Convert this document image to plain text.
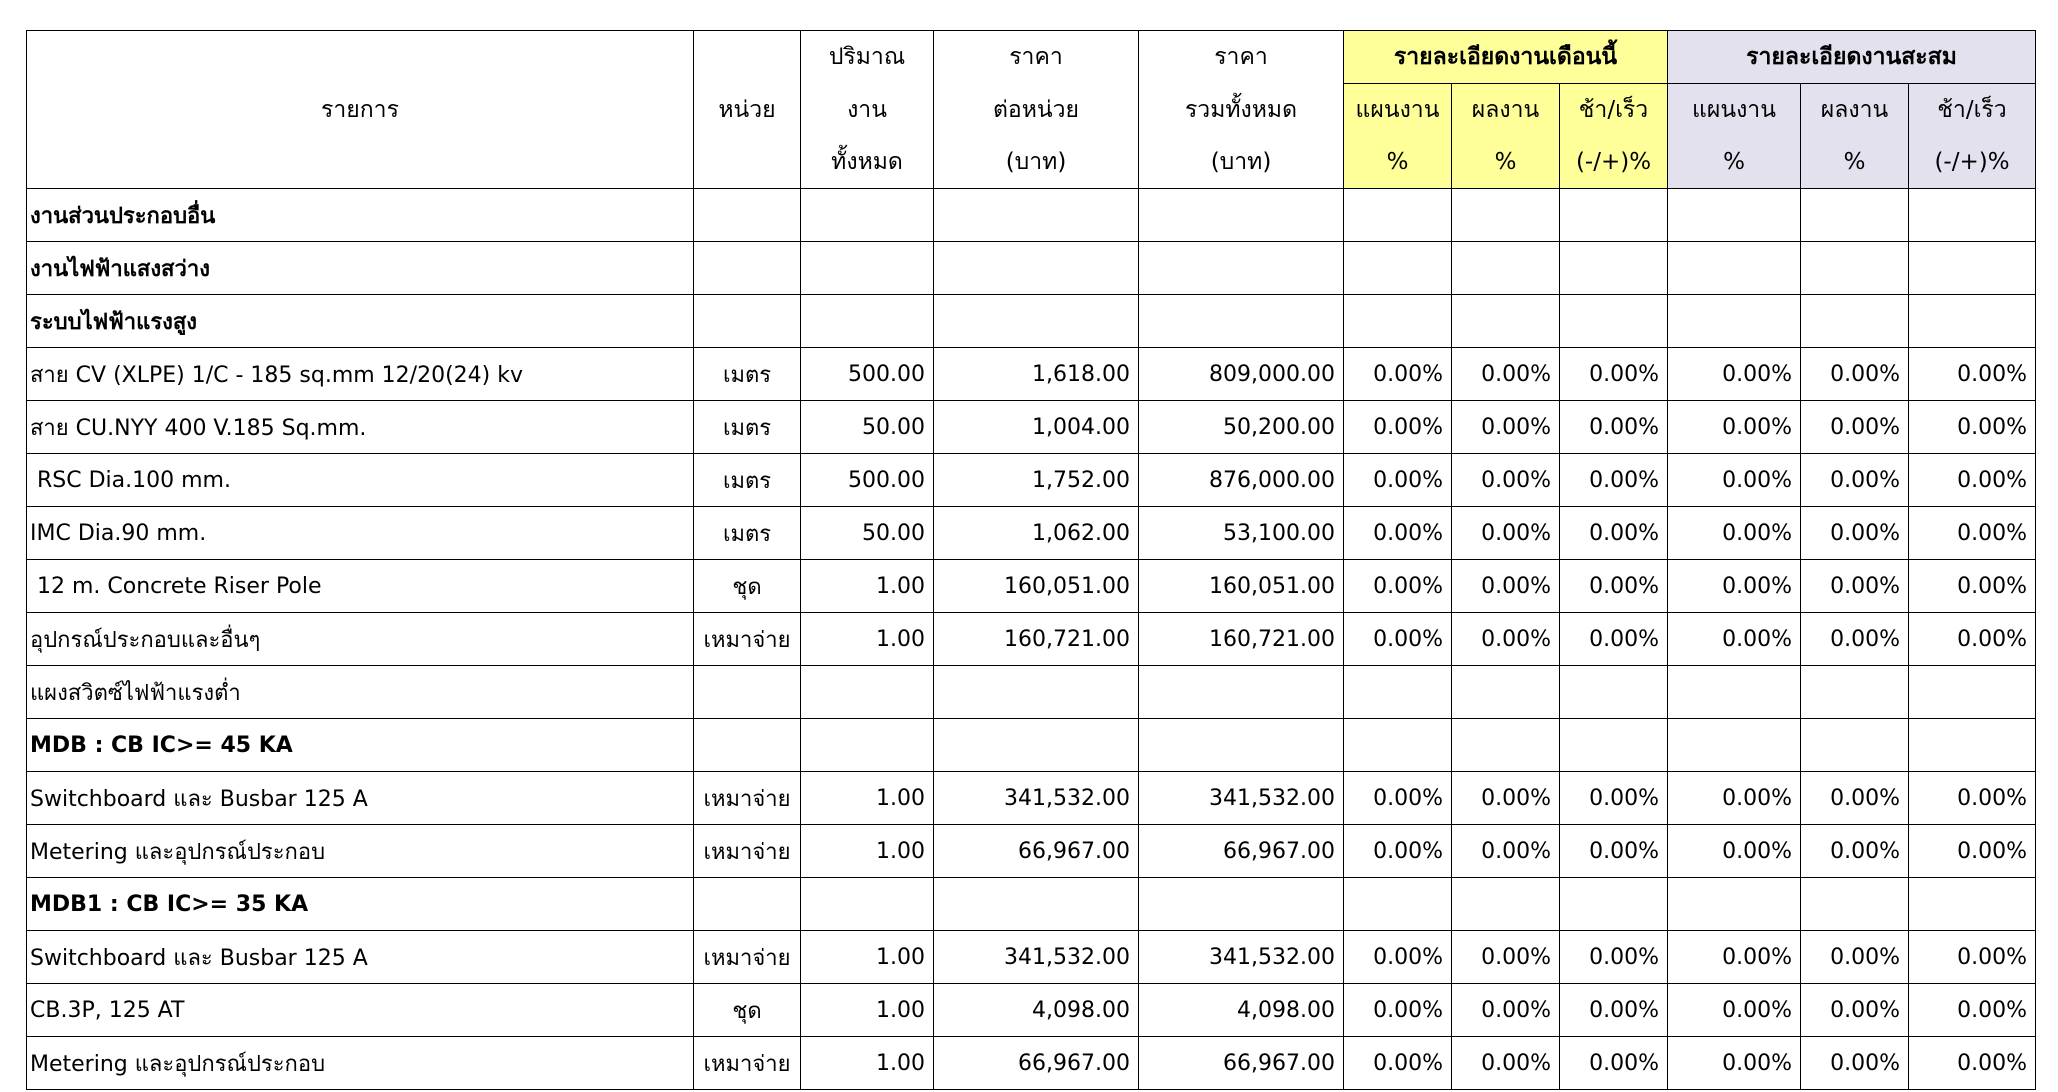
รายการ	หน่วย	ปริมาณ	ราคา	ราคา	รายละเอียดงานเดือนนี้			รายละเอียดงานสะสม		
		งาน	ต่อหน่วย	รวมทั้งหมด	แผนงาน	ผลงาน	ช้า/เร็ว	แผนงาน	ผลงาน	ช้า/เร็ว
		ทั้งหมด	(บาท)	(บาท)	%	%	(-/+)%	%	%	(-/+)%
งานส่วนประกอบอื่น										
งานไฟฟ้าแสงสว่าง										
ระบบไฟฟ้าแรงสูง										
สาย CV (XLPE) 1/C - 185 sq.mm 12/20(24) kv	เมตร	500.00	1,618.00	809,000.00	0.00%	0.00%	0.00%	0.00%	0.00%	0.00%
สาย CU.NYY 400 V.185 Sq.mm.	เมตร	50.00	1,004.00	50,200.00	0.00%	0.00%	0.00%	0.00%	0.00%	0.00%
RSC Dia.100 mm.	เมตร	500.00	1,752.00	876,000.00	0.00%	0.00%	0.00%	0.00%	0.00%	0.00%
IMC Dia.90 mm.	เมตร	50.00	1,062.00	53,100.00	0.00%	0.00%	0.00%	0.00%	0.00%	0.00%
12 m. Concrete Riser Pole	ชุด	1.00	160,051.00	160,051.00	0.00%	0.00%	0.00%	0.00%	0.00%	0.00%
อุปกรณ์ประกอบและอื่นๆ	เหมาจ่าย	1.00	160,721.00	160,721.00	0.00%	0.00%	0.00%	0.00%	0.00%	0.00%
แผงสวิตซ์ไฟฟ้าแรงต่ำ										
MDB : CB IC>= 45 KA										
Switchboard และ Busbar 125 A	เหมาจ่าย	1.00	341,532.00	341,532.00	0.00%	0.00%	0.00%	0.00%	0.00%	0.00%
Metering และอุปกรณ์ประกอบ	เหมาจ่าย	1.00	66,967.00	66,967.00	0.00%	0.00%	0.00%	0.00%	0.00%	0.00%
MDB1 : CB IC>= 35 KA										
Switchboard และ Busbar 125 A	เหมาจ่าย	1.00	341,532.00	341,532.00	0.00%	0.00%	0.00%	0.00%	0.00%	0.00%
CB.3P, 125 AT	ชุด	1.00	4,098.00	4,098.00	0.00%	0.00%	0.00%	0.00%	0.00%	0.00%
Metering และอุปกรณ์ประกอบ	เหมาจ่าย	1.00	66,967.00	66,967.00	0.00%	0.00%	0.00%	0.00%	0.00%	0.00%
